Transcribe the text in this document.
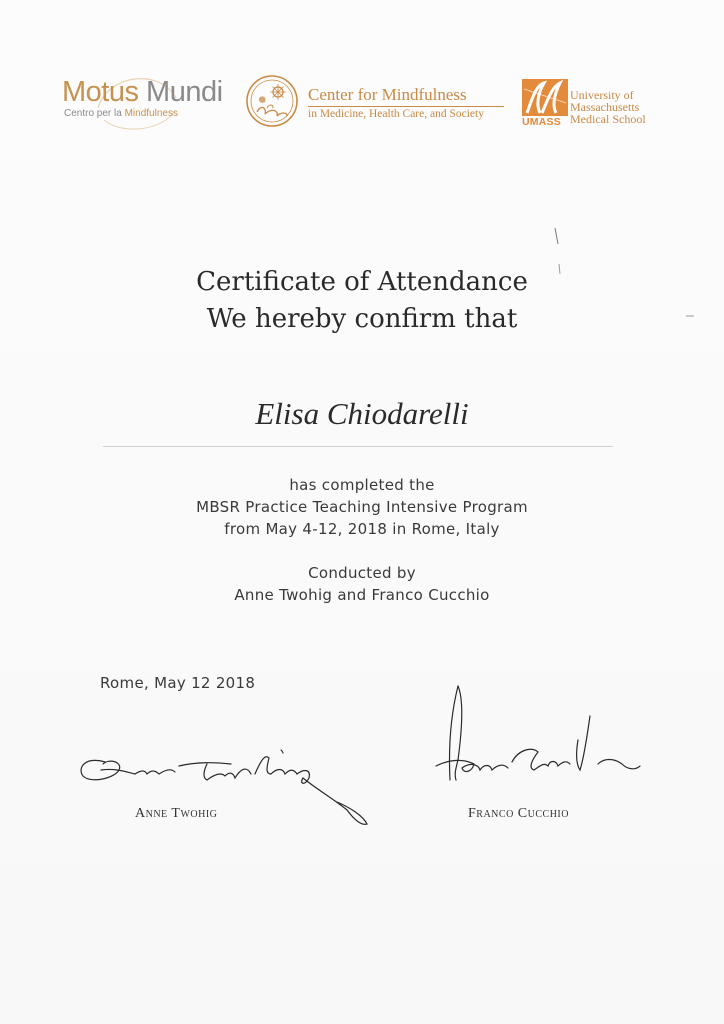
Motus Mundi
Centro per la Mindfulness
Center for Mindfulness
in Medicine, Health Care, and Society
UMASS
University of
Massachusetts
Medical School
Certificate of Attendance
We hereby confirm that
Elisa Chiodarelli
has completed the
MBSR Practice Teaching Intensive Program
from May 4-12, 2018 in Rome, Italy
Conducted by
Anne Twohig and Franco Cucchio
Rome, May 12 2018
Anne Twohig	Franco Cucchio
